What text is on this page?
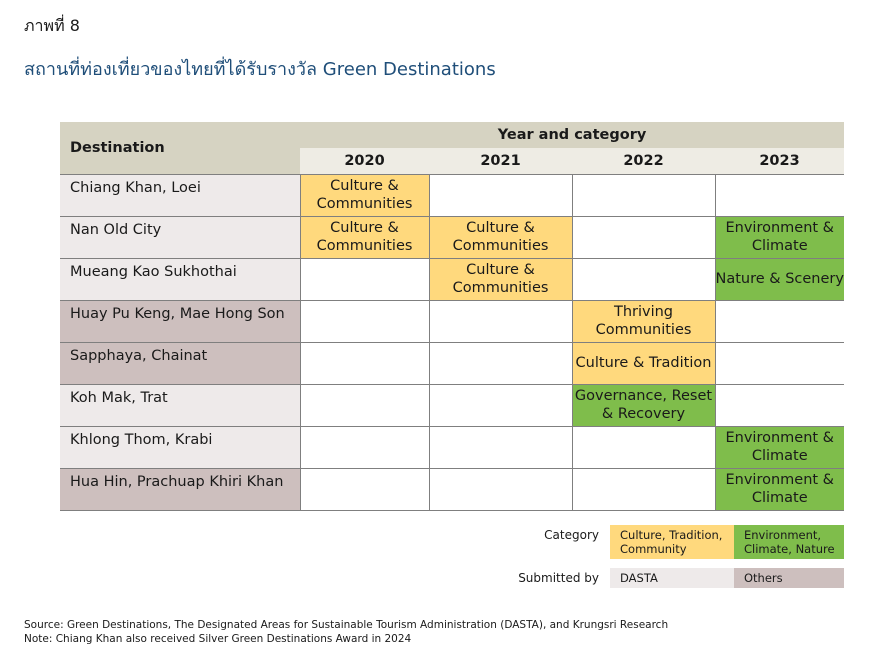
ภาพที่ 8
สถานที่ท่องเที่ยวของไทยที่ได้รับรางวัล Green Destinations
Destination	Year and category			
	2020	2021	2022	2023
Chiang Khan, Loei	Culture & Communities			
Nan Old City	Culture & Communities	Culture & Communities		Environment & Climate
Mueang Kao Sukhothai		Culture & Communities		Nature & Scenery
Huay Pu Keng, Mae Hong Son			Thriving Communities	
Sapphaya, Chainat			Culture & Tradition	
Koh Mak, Trat			Governance, Reset & Recovery	
Khlong Thom, Krabi				Environment & Climate
Hua Hin, Prachuap Khiri Khan				Environment & Climate
Category	Culture, Tradition, Community
Environment, Climate, Nature
Submitted by	DASTA	Others
Source: Green Destinations, The Designated Areas for Sustainable Tourism Administration (DASTA), and Krungsri Research
Note: Chiang Khan also received Silver Green Destinations Award in 2024
